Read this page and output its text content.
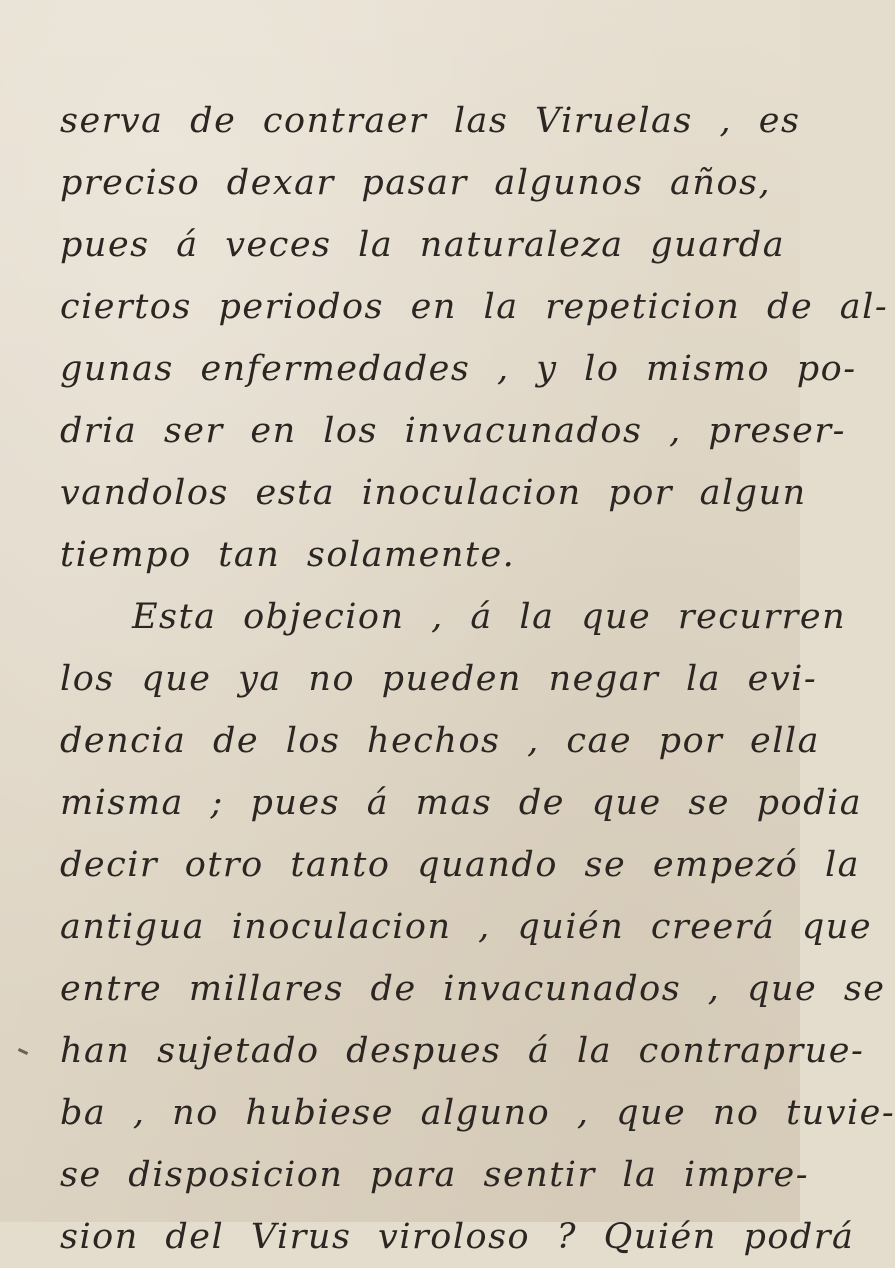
serva de contraer las Viruelas , es
preciso dexar pasar algunos años,
pues á veces la naturaleza guarda
ciertos periodos en la repeticion de al-
gunas enfermedades , y lo mismo po-
dria ser en los invacunados , preser-
vandolos esta inoculacion por algun
tiempo tan solamente.
Esta objecion , á la que recurren
los que ya no pueden negar la evi-
dencia de los hechos , cae por ella
misma ; pues á mas de que se podia
decir otro tanto quando se empezó la
antigua inoculacion , quién creerá que
entre millares de invacunados , que se
han sujetado despues á la contraprue-
ba , no hubiese alguno , que no tuvie-
se disposicion para sentir la impre-
sion del Virus viroloso ? Quién podrá
